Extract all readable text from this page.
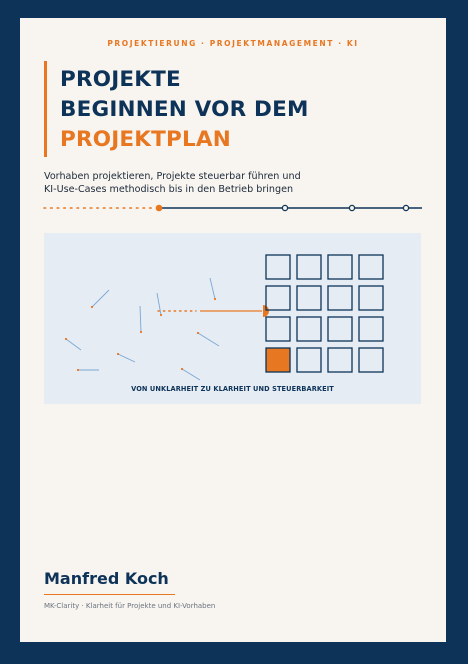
PROJEKTIERUNG · PROJEKTMANAGEMENT · KI
PROJEKTE
BEGINNEN VOR DEM
PROJEKTPLAN
Vorhaben projektieren, Projekte steuerbar führen und
KI-Use-Cases methodisch bis in den Betrieb bringen
VON UNKLARHEIT ZU KLARHEIT UND STEUERBARKEIT
Manfred Koch
MK-Clarity · Klarheit für Projekte und KI-Vorhaben
